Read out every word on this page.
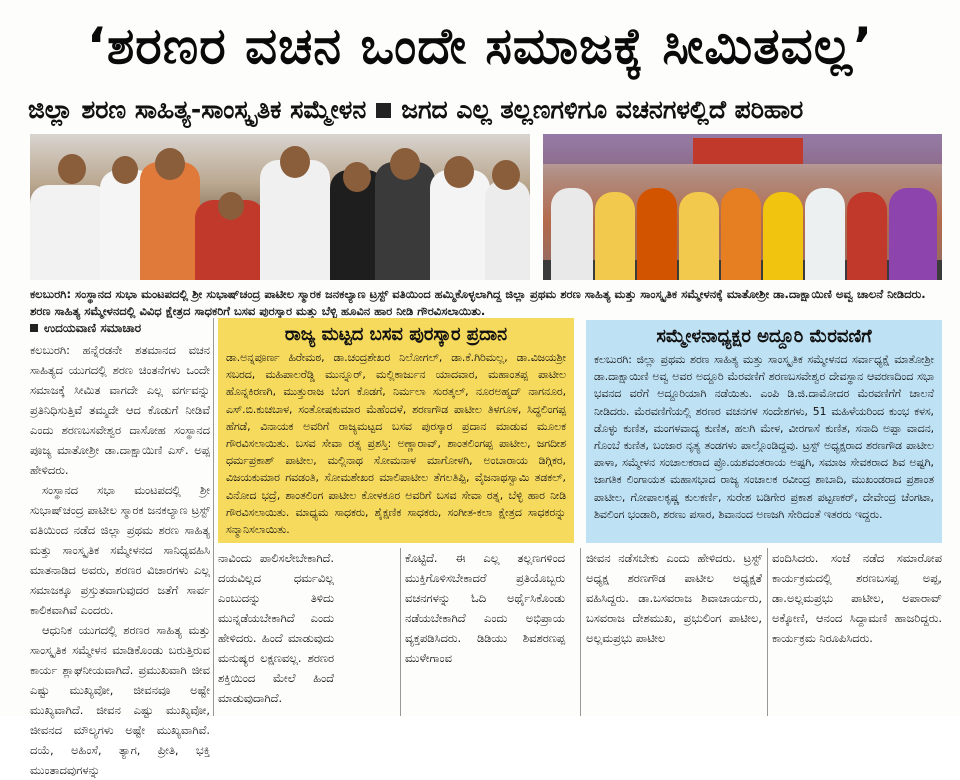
‘ಶರಣರ ವಚನ ಒಂದೇ ಸಮಾಜಕ್ಕೆ ಸೀಮಿತವಲ್ಲ’
ಜಿಲ್ಲಾ ಶರಣ ಸಾಹಿತ್ಯ-ಸಾಂಸ್ಕೃತಿಕ ಸಮ್ಮೇಳನ ಜಗದ ಎಲ್ಲ ತಲ್ಲಣಗಳಿಗೂ ವಚನಗಳಲ್ಲಿದೆ ಪರಿಹಾರ
ಕಲಬುರಗಿ: ಸಂಸ್ಥಾನದ ಸುಭಾ ಮಂಟಪದಲ್ಲಿ ಶ್ರೀ ಸುಭಾಷ್‌ಚಂದ್ರ ಪಾಟೀಲ ಸ್ಮಾರಕ ಜನಕಲ್ಯಾಣ ಟ್ರಸ್ಟ್ ವತಿಯಿಂದ ಹಮ್ಮಿಕೊಳ್ಳಲಾಗಿದ್ದ ಜಿಲ್ಲಾ ಪ್ರಥಮ ಶರಣ ಸಾಹಿತ್ಯ ಮತ್ತು ಸಾಂಸ್ಕೃತಿಕ ಸಮ್ಮೇಳನಕ್ಕೆ ಮಾತೋಶ್ರೀ ಡಾ.ದಾಕ್ಷಾಯಿಣಿ ಅವ್ವ ಚಾಲನೆ ನೀಡಿದರು. ಶರಣ ಸಾಹಿತ್ಯ ಸಮ್ಮೇಳನದಲ್ಲಿ ವಿವಿಧ ಕ್ಷೇತ್ರದ ಸಾಧಕರಿಗೆ ಬಸವ ಪುರಸ್ಕಾರ ಮತ್ತು ಬೆಳ್ಳಿ ಹೂವಿನ ಹಾರ ನೀಡಿ ಗೌರವಿಸಲಾಯಿತು.
ಉದಯವಾಣಿ ಸಮಾಚಾರ

ಕಲಬುರಗಿ: ಹನ್ನೆರಡನೇ ಶತಮಾನದ ವಚನ ಸಾಹಿತ್ಯದ ಯುಗದಲ್ಲಿ ಶರಣ ಚಿಂತನೆಗಳು ಒಂದೇ ಸಮಾಜಕ್ಕೆ ಸೀಮಿತ ವಾಗದೇ ಎಲ್ಲ ವರ್ಗವನ್ನು ಪ್ರತಿನಿಧಿಸುತ್ತಿವೆ ತಮ್ಮದೇ ಆದ ಕೊಡುಗೆ ನೀಡಿವೆ ಎಂದು ಶರಣಬಸವೇಶ್ವರ ದಾಸೋಹ ಸಂಸ್ಥಾನದ ಪೂಜ್ಯ ಮಾತೋಶ್ರೀ ಡಾ.ದಾಕ್ಷಾಯಿಣಿ ಎಸ್. ಅಪ್ಪ ಹೇಳಿದರು.

ಸಂಸ್ಥಾನದ ಸಭಾ ಮಂಟಪದಲ್ಲಿ ಶ್ರೀ ಸುಭಾಷ್‌ಚಂದ್ರ ಪಾಟೀಲ ಸ್ಮಾರಕ ಜನಕಲ್ಯಾಣ ಟ್ರಸ್ಟ್ ವತಿಯಿಂದ ನಡೆದ ಜಿಲ್ಲಾ ಪ್ರಥಮ ಶರಣ ಸಾಹಿತ್ಯ ಮತ್ತು ಸಾಂಸ್ಕೃತಿಕ ಸಮ್ಮೇಳನದ ಸಾನಿಧ್ಯವಹಿಸಿ ಮಾತನಾಡಿದ ಅವರು, ಶರಣರ ವಿಚಾರಗಳು ಎಲ್ಲ ಸಮಾಜಕ್ಕೂ ಪ್ರಸ್ತುತವಾಗುವುದರ ಜತೆಗೆ ಸಾರ್ವ ಕಾಲಿಕವಾಗಿವೆ ಎಂದರು.

ಆಧುನಿಕ ಯುಗದಲ್ಲಿ ಶರಣರ ಸಾಹಿತ್ಯ ಮತ್ತು ಸಾಂಸ್ಕೃತಿಕ ಸಮ್ಮೇಳನ ಮಾಡಿಕೊಂಡು ಬರುತ್ತಿರುವ ಕಾರ್ಯ ಶ್ಲಾಘನೀಯವಾಗಿದೆ. ಪ್ರಮುಖವಾಗಿ ಜೀವ ಎಷ್ಟು ಮುಖ್ಯವೋ, ಜೀವನವೂ ಅಷ್ಟೇ ಮುಖ್ಯವಾಗಿದೆ. ಜೀವನ ಎಷ್ಟು ಮುಖ್ಯವೋ, ಜೀವನದ ಮೌಲ್ಯಗಳು ಅಷ್ಟೇ ಮುಖ್ಯವಾಗಿವೆ. ದಯೆ, ಅಹಿಂಸೆ, ತ್ಯಾಗ, ಪ್ರೀತಿ, ಭಕ್ತಿ ಮುಂತಾದವುಗಳನ್ನು

ರಾಜ್ಯ ಮಟ್ಟದ ಬಸವ ಪುರಸ್ಕಾರ ಪ್ರದಾನ
ಡಾ.ಅನ್ನಪೂರ್ಣ ಹಿರೇಮಠ, ಡಾ.ಚಂದ್ರಶೇಖರ ನಿಲೋಗಲ್, ಡಾ.ಕೆ.ಗಿರಿಮಲ್ಲ, ಡಾ.ವಿಜಯಶ್ರೀ ಸಬರದ, ಮಹಿಪಾಲರೆಡ್ಡಿ ಮುನ್ನೂರ್, ಮಲ್ಲಿಕಾರ್ಜುನ ಯಾದವಾರ, ಮಹಾಂತಪ್ಪ ಪಾಟೀಲ ಹೊನ್ನಕಿರಣಗಿ, ಮುತ್ತುರಾಜ ಬೆಂಗ ಕೊಡಗೆ, ನಿರ್ಮಲಾ ಸುರತ್ಕಲ್, ನೂರಅಹ್ಮದ್ ನಾಗನೂರ, ಎಸ್.ಬಿ.ಕುಚಬಾಳ, ಸಂತೋಷಕುಮಾರ ಮೆಹೆಂದಳೆ, ಶರಣಗೌಡ ಪಾಟೀಲ ತಿಳಗೂಳ, ಸಿದ್ಧಲಿಂಗಪ್ಪ ಹೆಗಡೆ, ವಿನಾಯಕ ಅವರಿಗೆ ರಾಜ್ಯಮಟ್ಟದ ಬಸವ ಪುರಸ್ಕಾರ ಪ್ರದಾನ ಮಾಡುವ ಮೂಲಕ ಗೌರವಿಸಲಾಯಿತು. ಬಸವ ಸೇವಾ ರತ್ನ ಪ್ರಶಸ್ತಿ: ಅಣ್ಣಾರಾವ್, ಶಾಂತಲಿಂಗಪ್ಪ ಪಾಟೀಲ, ಜಗದೀಶ ಧರ್ಮಪ್ರಕಾಶ್ ಪಾಟೀಲ, ಮಲ್ಲಿನಾಥ ಸೋಮನಾಳ ಮಾಗೋಳಗಿ, ಅಂಬಾರಾಯ ಡಿಗ್ಗಿಕರ, ವಿಜಯಕುಮಾರ ಗವಡಂತಿ, ಸೋಮಶೇಖರ ಮಾಲಿಪಾಟೀಲ ತೆಗಲತಿಪ್ಪಿ, ವೈಜನಾಥಸ್ವಾಮಿ ತಡಕಲ್, ವಿನೋದ ಭದ್ರೆ, ಶಾಂತಲಿಂಗ ಪಾಟೀಲ ಕೋಳಕೂರ ಅವರಿಗೆ ಬಸವ ಸೇವಾ ರತ್ನ, ಬೆಳ್ಳಿ ಹಾರ ನೀಡಿ ಗೌರವಿಸಲಾಯಿತು. ಮಾಧ್ಯಮ ಸಾಧಕರು, ಶೈಕ್ಷಣಿಕ ಸಾಧಕರು, ಸಂಗೀತ-ಕಲಾ ಕ್ಷೇತ್ರದ ಸಾಧಕರನ್ನು ಸನ್ಮಾನಿಸಲಾಯಿತು.
ಸಮ್ಮೇಳನಾಧ್ಯಕ್ಷರ ಅದ್ದೂರಿ ಮೆರವಣಿಗೆ
ಕಲಬುರಗಿ: ಜಿಲ್ಲಾ ಪ್ರಥಮ ಶರಣ ಸಾಹಿತ್ಯ ಮತ್ತು ಸಾಂಸ್ಕೃತಿಕ ಸಮ್ಮೇಳನದ ಸರ್ವಾಧ್ಯಕ್ಷೆ ಮಾತೋಶ್ರೀ ಡಾ.ದಾಕ್ಷಾಯಿಣಿ ಅವ್ವ ಅವರ ಅದ್ದೂರಿ ಮೆರವಣಿಗೆ ಶರಣಬಸವೇಶ್ವರ ದೇವಸ್ಥಾನ ಆವರಣದಿಂದ ಸಭಾ ಭವನದ ವರೆಗೆ ಅದ್ದೂರಿಯಾಗಿ ನಡೆಯಿತು. ಎಂಪಿ ಡಿ.ಜಿ.ದಾಮೋದರ ಮೆರವಣಿಗೆಗೆ ಚಾಲನೆ ನೀಡಿದರು. ಮೆರವಣಿಗೆಯಲ್ಲಿ ಶರಣರ ವಚನಗಳ ಸಂದೇಶಗಳು, 51 ಮಹಿಳೆಯರಿಂದ ಕುಂಭ ಕಳಸ, ಡೊಳ್ಳು ಕುಣಿತ, ಮಂಗಳವಾದ್ಯ ಕುಣಿತ, ಹಲಗಿ ಮೇಳ, ವೀರಗಾಸೆ ಕುಣಿತ, ಸನಾದಿ ಅಪ್ಪಾ ವಾದನ, ಗೊಂಬೆ ಕುಣಿತ, ಬಂಜಾರ ನೃತ್ಯ ತಂಡಗಳು ಪಾಲ್ಗೊಂಡಿದ್ದವು. ಟ್ರಸ್ಟ್ ಅಧ್ಯಕ್ಷರಾದ ಶರಣಗೌಡ ಪಾಟೀಲ ಪಾಳಾ, ಸಮ್ಮೇಳನ ಸಂಚಾಲಕರಾದ ಪ್ರೊ.ಯಶವಂತರಾಯ ಅಷ್ಟಗಿ, ಸಮಾಜ ಸೇವಕರಾದ ಶಿವ ಅಷ್ಟಗಿ, ಜಾಗತಿಕ ಲಿಂಗಾಯತ ಮಹಾಸಭಾದ ರಾಜ್ಯ ಸಂಚಾಲಕ ರವೀಂದ್ರ ಶಾಬಾದಿ, ಮುಖಂಡರಾದ ಪ್ರಶಾಂತ ಪಾಟೀಲ, ಗೋಪಾಲಕೃಷ್ಣ ಕುಲಕರ್ಣಿ, ಸುರೇಶ ಬಡಿಗೇರ ಪ್ರಕಾಶ ಪಟ್ಟಣಕರ್, ದೇವೇಂದ್ರ ಚೆಂಗಟಾ, ಶಿವಲಿಂಗ ಭಂಡಾರಿ, ಶರಣು ಪಸಾರ, ಶಿವಾನಂದ ಅಣಜಗಿ ಸೇರಿದಂತೆ ಇತರರು ಇದ್ದರು.
ನಾವಿಂದು ಪಾಲಿಸಲೇಬೇಕಾಗಿದೆ. ದಯವಿಲ್ಲದ ಧರ್ಮವಿಲ್ಲ ಎಂಬುದನ್ನು ತಿಳಿದು ಮುನ್ನಡೆಯಬೇಕಾಗಿದೆ ಎಂದು ಹೇಳಿದರು. ಹಿಂದೆ ಮಾಡುವುದು ಮನುಷ್ಯರ ಲಕ್ಷಣವಲ್ಲ. ಶರಣರ ಶಕ್ತಿಯಿಂದ ಮೇಲೆ ಹಿಂದೆ ಮಾಡುವುದಾಗಿದೆ.
ಕೊಟ್ಟಿದೆ. ಈ ಎಲ್ಲ ತಲ್ಲಣಗಳಿಂದ ಮುಕ್ತಿಗೊಳಿಸಬೇಕಾದರೆ ಪ್ರತಿಯೊಬ್ಬರು ವಚನಗಳನ್ನು ಓದಿ ಅರ್ಥೈಸಿಕೊಂಡು ನಡೆಯಬೇಕಾಗಿದೆ ಎಂದು ಅಭಿಪ್ರಾಯ ವ್ಯಕ್ತಪಡಿಸಿದರು. ಡಿಡಿಯು ಶಿವಶರಣಪ್ಪ ಮುಳೇಗಾಂವ
ಜೀವನ ನಡೆಸಬೇಕು ಎಂದು ಹೇಳಿದರು. ಟ್ರಸ್ಟ್ ಅಧ್ಯಕ್ಷ ಶರಣಗೌಡ ಪಾಟೀಲ ಅಧ್ಯಕ್ಷತೆ ವಹಿಸಿದ್ದರು. ಡಾ.ಬಸವರಾಜ ಶಿವಾಚಾರ್ಯರು, ಬಸವರಾಜ ದೇಶಮುಖ, ಪ್ರಭುಲಿಂಗ ಪಾಟೀಲ, ಅಲ್ಲಮಪ್ರಭು ಪಾಟೀಲ
ವಂದಿಸಿದರು. ಸಂಜೆ ನಡೆದ ಸಮಾರೋಪ ಕಾರ್ಯಕ್ರಮದಲ್ಲಿ ಶರಣಬಸಪ್ಪ ಅಪ್ಪ, ಡಾ.ಅಲ್ಲಮಪ್ರಭು ಪಾಟೀಲ, ಅಪಾರಾವ್ ಅಕ್ಕೋಣಿ, ಆನಂದ ಸಿದ್ದಾಮಣಿ ಹಾಜರಿದ್ದರು. ಕಾರ್ಯಕ್ರಮ ನಿರೂಪಿಸಿದರು.
